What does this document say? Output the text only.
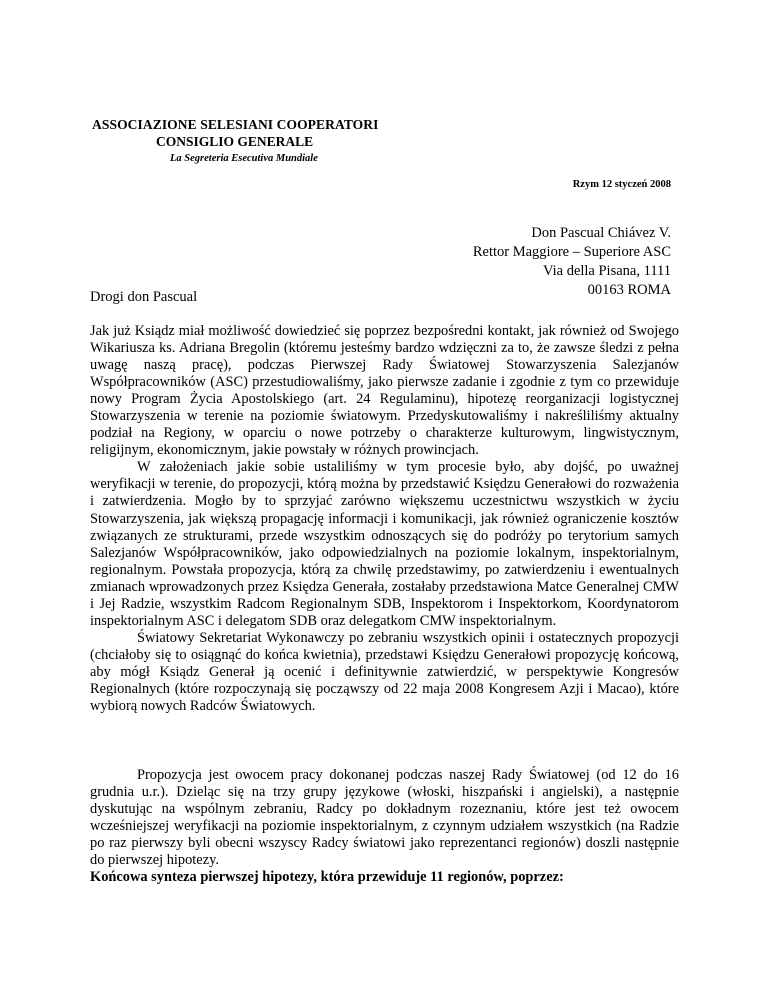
ASSOCIAZIONE SELESIANI COOPERATORI
CONSIGLIO GENERALE
La Segreteria Esecutiva Mundiale
Rzym 12 styczeń 2008
Don Pascual Chiávez V.
Rettor Maggiore – Superiore ASC
Via della Pisana, 1111
00163 ROMA
Drogi don Pascual

Jak już Ksiądz miał możliwość dowiedzieć się poprzez bezpośredni kontakt, jak również od Swojego Wikariusza ks. Adriana Bregolin (któremu jesteśmy bardzo wdzięczni za to, że zawsze śledzi z pełna uwagę naszą pracę), podczas Pierwszej Rady Światowej Stowarzyszenia Salezjanów Współpracowników (ASC) przestudiowaliśmy, jako pierwsze zadanie i zgodnie z tym co przewiduje nowy Program Życia Apostolskiego (art. 24 Regulaminu), hipotezę reorganizacji logistycznej Stowarzyszenia w terenie na poziomie światowym. Przedyskutowaliśmy i nakreśliliśmy aktualny podział na Regiony, w oparciu o nowe potrzeby o charakterze kulturowym, lingwistycznym, religijnym, ekonomicznym, jakie powstały w różnych prowincjach.

W założeniach jakie sobie ustaliliśmy w tym procesie było, aby dojść, po uważnej weryfikacji w terenie, do propozycji, którą można by przedstawić Księdzu Generałowi do rozważenia i zatwierdzenia. Mogło by to sprzyjać zarówno większemu uczestnictwu wszystkich w życiu Stowarzyszenia, jak większą propagację informacji i komunikacji, jak również ograniczenie kosztów związanych ze strukturami, przede wszystkim odnoszących się do podróży po terytorium samych Salezjanów Współpracowników, jako odpowiedzialnych na poziomie lokalnym, inspektorialnym, regionalnym. Powstała propozycja, którą za chwilę przedstawimy, po zatwierdzeniu i ewentualnych zmianach wprowadzonych przez Księdza Generała, zostałaby przedstawiona Matce Generalnej CMW i Jej Radzie, wszystkim Radcom Regionalnym SDB, Inspektorom i Inspektorkom, Koordynatorom inspektorialnym ASC i delegatom SDB oraz delegatkom CMW inspektorialnym.

Światowy Sekretariat Wykonawczy po zebraniu wszystkich opinii i ostatecznych propozycji (chciałoby się to osiągnąć do końca kwietnia), przedstawi Księdzu Generałowi propozycję końcową, aby mógł Ksiądz Generał ją ocenić i definitywnie zatwierdzić, w perspektywie Kongresów Regionalnych (które rozpoczynają się począwszy od 22 maja 2008 Kongresem Azji i Macao), które wybiorą nowych Radców Światowych.

Propozycja jest owocem pracy dokonanej podczas naszej Rady Światowej (od 12 do 16 grudnia u.r.). Dzieląc się na trzy grupy językowe (włoski, hiszpański i angielski), a następnie dyskutując na wspólnym zebraniu, Radcy po dokładnym rozeznaniu, które jest też owocem wcześniejszej weryfikacji na poziomie inspektorialnym, z czynnym udziałem wszystkich (na Radzie po raz pierwszy byli obecni wszyscy Radcy światowi jako reprezentanci regionów) doszli następnie do pierwszej hipotezy.

Końcowa synteza pierwszej hipotezy, która przewiduje 11 regionów, poprzez:
